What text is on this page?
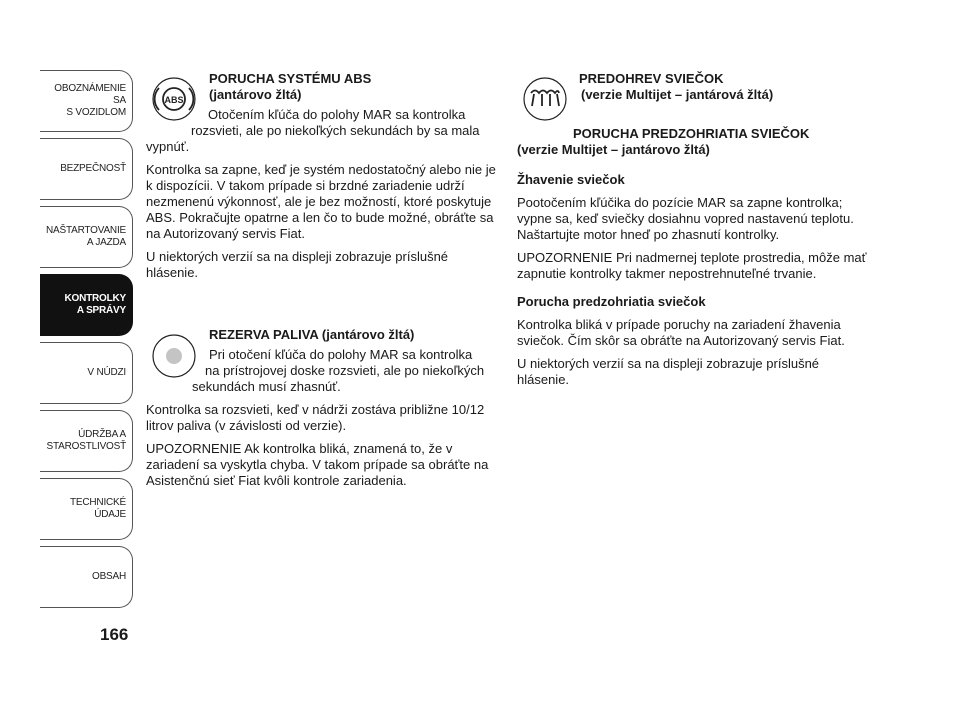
OBOZNÁMENIE SA
S VOZIDLOM
BEZPEČNOSŤ
NAŠTARTOVANIE
A JAZDA
KONTROLKY
A SPRÁVY
V NÚDZI
ÚDRŽBA A
STAROSTLIVOSŤ
TECHNICKÉ
ÚDAJE
OBSAH
166
ABS
PORUCHA SYSTÉMU ABS
(jantárovo žltá)
Otočením kľúča do polohy MAR sa kontrolka
rozsvieti, ale po niekoľkých sekundách by sa mala

vypnúť.

Kontrolka sa zapne, keď je systém nedostatočný alebo nie je k dispozícii. V takom prípade si brzdné zariadenie udrží nezmenenú výkonnosť, ale je bez možností, ktoré poskytuje ABS. Pokračujte opatrne a len čo to bude možné, obráťte sa na Autorizovaný servis Fiat.

U niektorých verzií sa na displeji zobrazuje príslušné hlásenie.

REZERVA PALIVA (jantárovo žltá)
Pri otočení kľúča do polohy MAR sa kontrolka
na prístrojovej doske rozsvieti, ale po niekoľkých

sekundách musí zhasnúť.

Kontrolka sa rozsvieti, keď v nádrži zostáva približne 10/12 litrov paliva (v závislosti od verzie).

UPOZORNENIE Ak kontrolka bliká, znamená to, že v zariadení sa vyskytla chyba. V takom prípade sa obráťte na Asistenčnú sieť Fiat kvôli kontrole zariadenia.

PREDOHREV SVIEČOK
(verzie Multijet – jantárová žltá)
PORUCHA PREDZOHRIATIA SVIEČOK
(verzie Multijet – jantárovo žltá)

Žhavenie sviečok

Pootočením kľúčika do pozície MAR sa zapne kontrolka; vypne sa, keď sviečky dosiahnu vopred nastavenú teplotu. Naštartujte motor hneď po zhasnutí kontrolky.

UPOZORNENIE Pri nadmernej teplote prostredia, môže mať zapnutie kontrolky takmer nepostrehnuteľné trvanie.

Porucha predzohriatia sviečok

Kontrolka bliká v prípade poruchy na zariadení žhavenia sviečok. Čím skôr sa obráťte na Autorizovaný servis Fiat.

U niektorých verzií sa na displeji zobrazuje príslušné hlásenie.
